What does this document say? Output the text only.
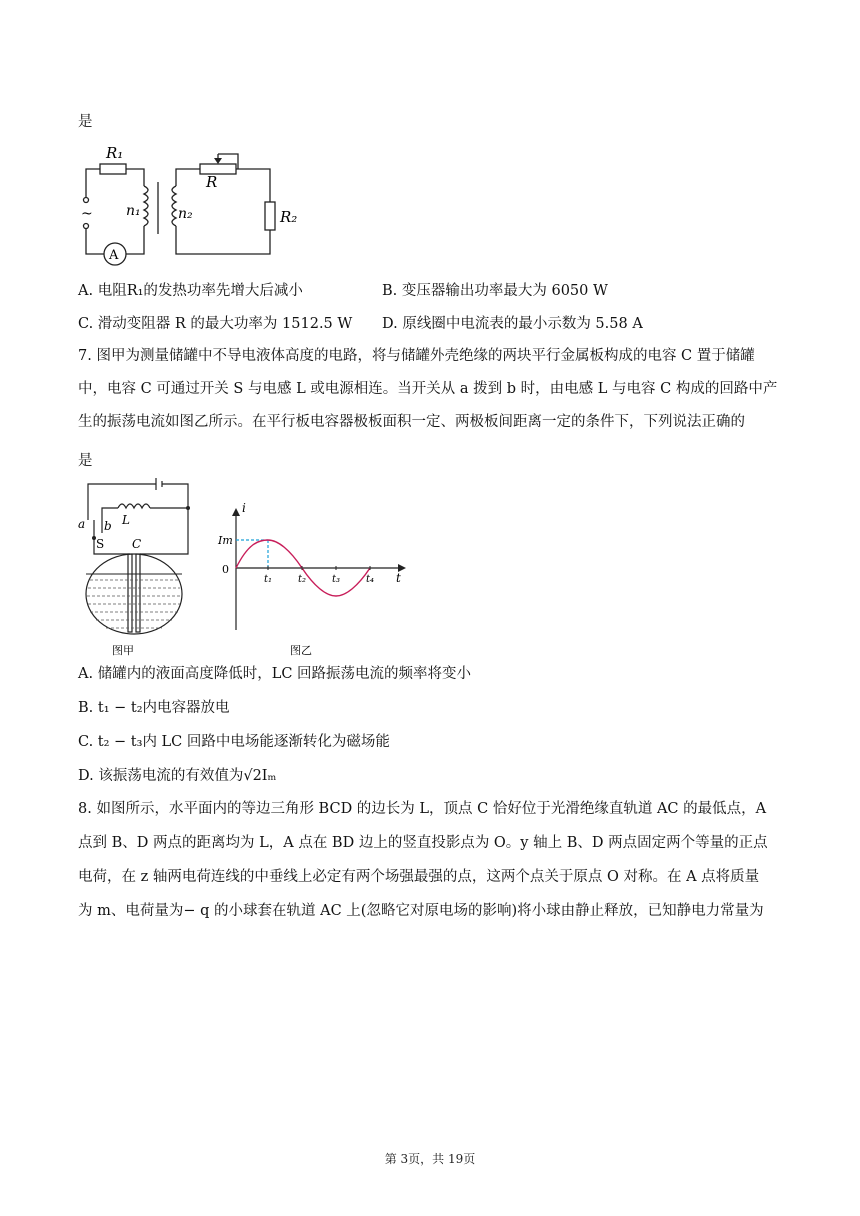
是
R₁
R
R₂
n₁	n₂
~
A
A. 电阻R₁的发热功率先增大后减小	B. 变压器输出功率最大为 6050 W
C. 滑动变阻器 R 的最大功率为 1512.5 W D. 原线圈中电流表的最小示数为 5.58 A
7. 图甲为测量储罐中不导电液体高度的电路，将与储罐外壳绝缘的两块平行金属板构成的电容 C 置于储罐
中，电容 C 可通过开关 S 与电感 L 或电源相连。当开关从 a 拨到 b 时，由电感 L 与电容 C 构成的回路中产
生的振荡电流如图乙所示。在平行板电容器极板面积一定、两极板间距离一定的条件下，下列说法正确的
是
a b
S
L
C
图甲
i
Im
0
t₁	t₂	t₃	t₄ t
图乙
A. 储罐内的液面高度降低时，LC 回路振荡电流的频率将变小
B. t₁ − t₂内电容器放电
C. t₂ − t₃内 LC 回路中电场能逐渐转化为磁场能
D. 该振荡电流的有效值为√2Iₘ
8. 如图所示，水平面内的等边三角形 BCD 的边长为 L，顶点 C 恰好位于光滑绝缘直轨道 AC 的最低点，A
点到 B、D 两点的距离均为 L，A 点在 BD 边上的竖直投影点为 O。y 轴上 B、D 两点固定两个等量的正点
电荷，在 z 轴两电荷连线的中垂线上必定有两个场强最强的点，这两个点关于原点 O 对称。在 A 点将质量
为 m、电荷量为− q 的小球套在轨道 AC 上(忽略它对原电场的影响)将小球由静止释放，已知静电力常量为
第 3页，共 19页
